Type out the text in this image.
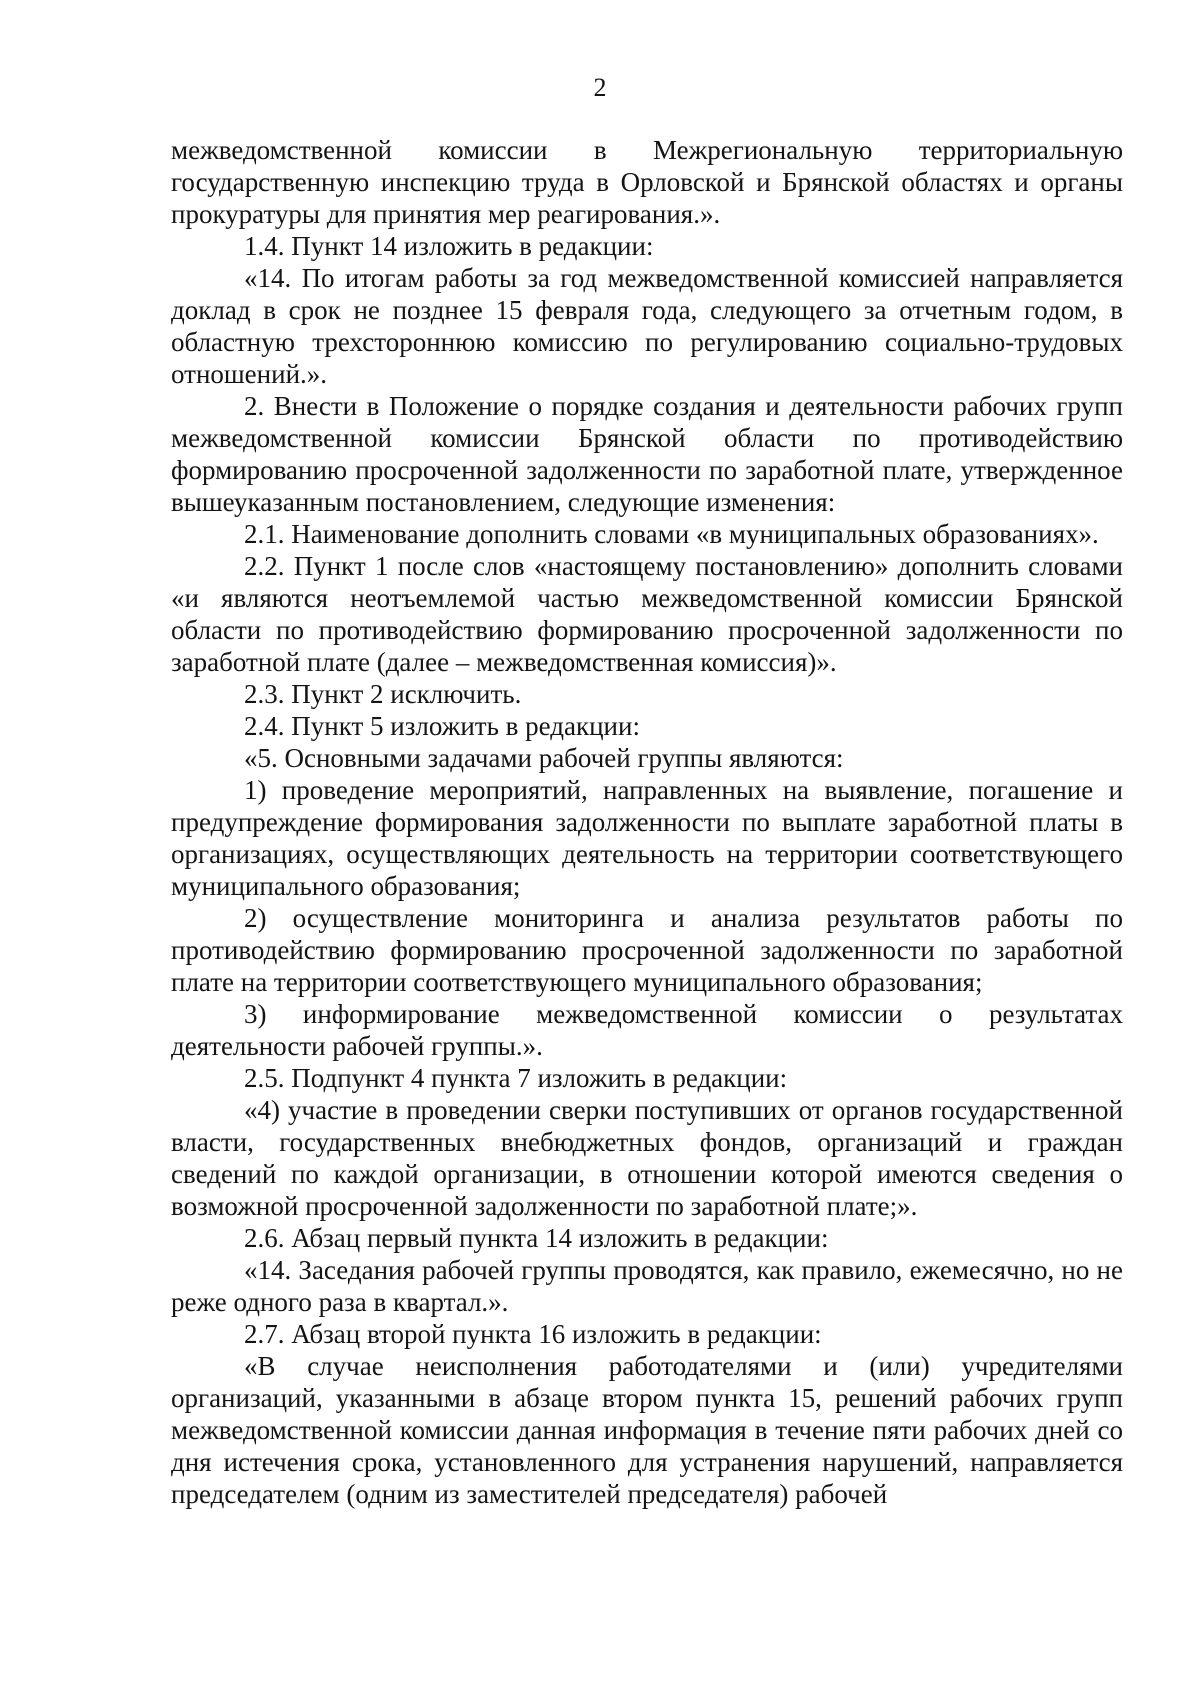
2

межведомственной комиссии в Межрегиональную территориальную государственную инспекцию труда в Орловской и Брянской областях и органы прокуратуры для принятия мер реагирования.».

1.4. Пункт 14 изложить в редакции:

«14. По итогам работы за год межведомственной комиссией направляется доклад в срок не позднее 15 февраля года, следующего за отчетным годом, в областную трехстороннюю комиссию по регулированию социально-трудовых отношений.».

2. Внести в Положение о порядке создания и деятельности рабочих групп межведомственной комиссии Брянской области по противодействию формированию просроченной задолженности по заработной плате, утвержденное вышеуказанным постановлением, следующие изменения:

2.1. Наименование дополнить словами «в муниципальных образованиях».

2.2. Пункт 1 после слов «настоящему постановлению» дополнить словами «и являются неотъемлемой частью межведомственной комиссии Брянской области по противодействию формированию просроченной задолженности по заработной плате (далее – межведомственная комиссия)».

2.3. Пункт 2 исключить.

2.4. Пункт 5 изложить в редакции:

«5. Основными задачами рабочей группы являются:

1) проведение мероприятий, направленных на выявление, погашение и предупреждение формирования задолженности по выплате заработной платы в организациях, осуществляющих деятельность на территории соответствующего муниципального образования;

2) осуществление мониторинга и анализа результатов работы по противодействию формированию просроченной задолженности по заработной плате на территории соответствующего муниципального образования;

3) информирование межведомственной комиссии о результатах деятельности рабочей группы.».

2.5. Подпункт 4 пункта 7 изложить в редакции:

«4) участие в проведении сверки поступивших от органов государственной власти, государственных внебюджетных фондов, организаций и граждан сведений по каждой организации, в отношении которой имеются сведения о возможной просроченной задолженности по заработной плате;».

2.6. Абзац первый пункта 14 изложить в редакции:

«14. Заседания рабочей группы проводятся, как правило, ежемесячно, но не реже одного раза в квартал.».

2.7. Абзац второй пункта 16 изложить в редакции:

«В случае неисполнения работодателями и (или) учредителями организаций, указанными в абзаце втором пункта 15, решений рабочих групп межведомственной комиссии данная информация в течение пяти рабочих дней со дня истечения срока, установленного для устранения нарушений, направляется председателем (одним из заместителей председателя) рабочей
